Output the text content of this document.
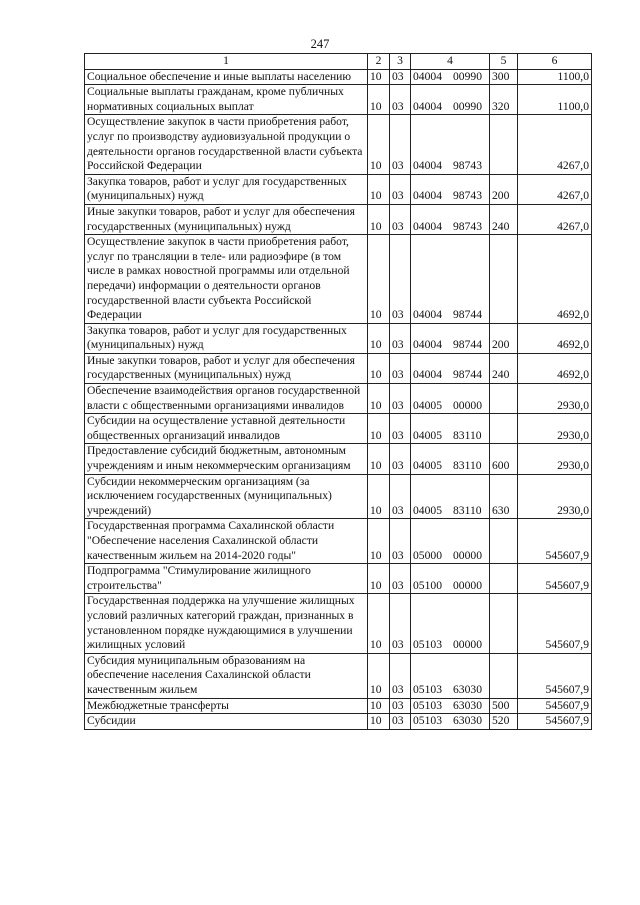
247
1	2	3	4	5	6
Социальное обеспечение и иные выплаты населению	10	03	04004 00990	300	1100,0
Социальные выплаты гражданам, кроме публичных нормативных социальных выплат	10	03	04004 00990	320	1100,0
Осуществление закупок в части приобретения работ, услуг по производству аудиовизуальной продукции о деятельности органов государственной власти субъекта Российской Федерации	10	03	04004 98743		4267,0
Закупка товаров, работ и услуг для государственных (муниципальных) нужд	10	03	04004 98743	200	4267,0
Иные закупки товаров, работ и услуг для обеспечения государственных (муниципальных) нужд	10	03	04004 98743	240	4267,0
Осуществление закупок в части приобретения работ, услуг по трансляции в теле- или радиоэфире (в том числе в рамках новостной программы или отдельной передачи) информации о деятельности органов государственной власти субъекта Российской Федерации	10	03	04004 98744		4692,0
Закупка товаров, работ и услуг для государственных (муниципальных) нужд	10	03	04004 98744	200	4692,0
Иные закупки товаров, работ и услуг для обеспечения государственных (муниципальных) нужд	10	03	04004 98744	240	4692,0
Обеспечение взаимодействия органов государственной власти с общественными организациями инвалидов	10	03	04005 00000		2930,0
Субсидии на осуществление уставной деятельности общественных организаций инвалидов	10	03	04005 83110		2930,0
Предоставление субсидий бюджетным, автономным учреждениям и иным некоммерческим организациям	10	03	04005 83110	600	2930,0
Субсидии некоммерческим организациям (за исключением государственных (муниципальных) учреждений)	10	03	04005 83110	630	2930,0
Государственная программа Сахалинской области "Обеспечение населения Сахалинской области качественным жильем на 2014-2020 годы"	10	03	05000 00000		545607,9
Подпрограмма "Стимулирование жилищного строительства"	10	03	05100 00000		545607,9
Государственная поддержка на улучшение жилищных условий различных категорий граждан, признанных в установленном порядке нуждающимися в улучшении жилищных условий	10	03	05103 00000		545607,9
Субсидия муниципальным образованиям на обеспечение населения Сахалинской области качественным жильем	10	03	05103 63030		545607,9
Межбюджетные трансферты	10	03	05103 63030	500	545607,9
Субсидии	10	03	05103 63030	520	545607,9
